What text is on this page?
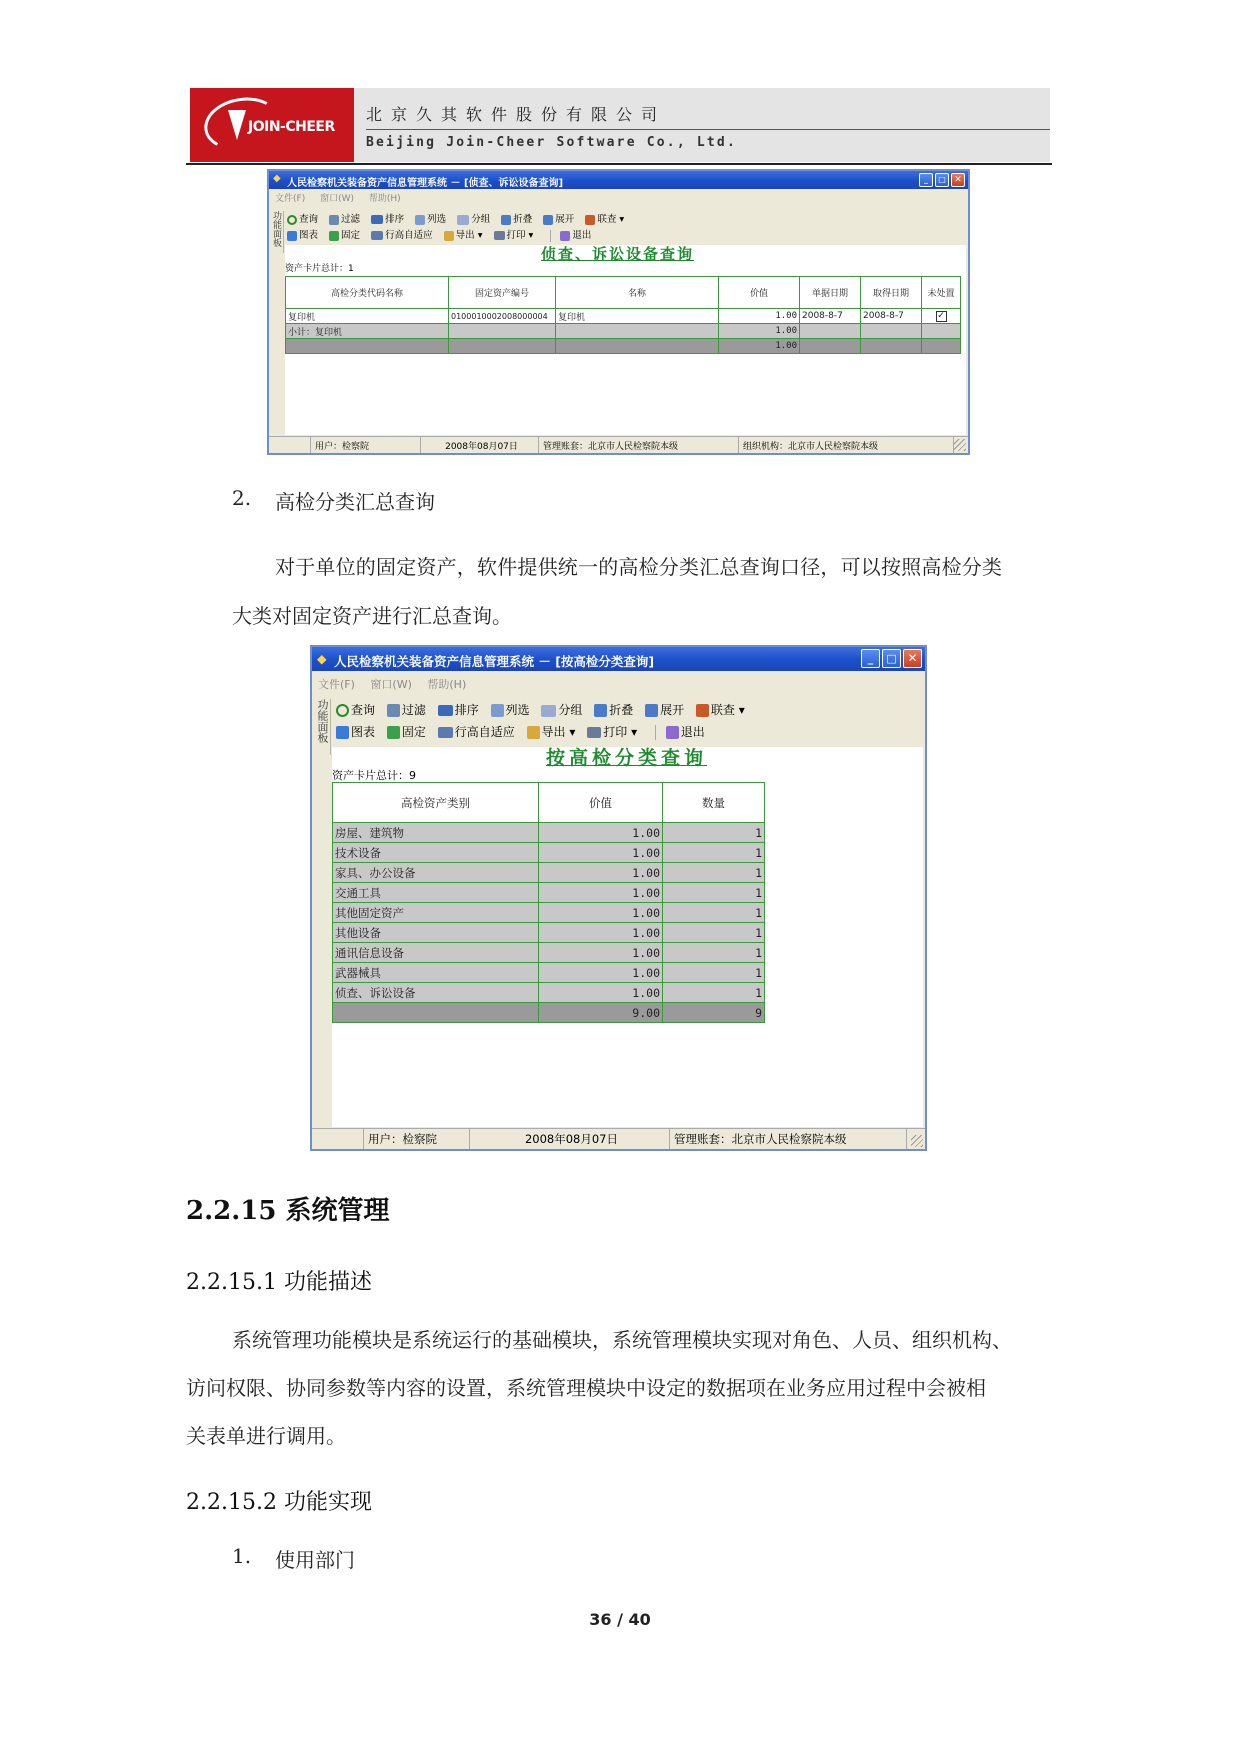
JOIN-CHEER
北京久其软件股份有限公司
Beijing Join-Cheer Software Co., Ltd.
◆ 人民检察机关装备资产信息管理系统 － [侦查、诉讼设备查询]	_	□ ✕
文件(F) 窗口(W) 帮助(H)
功能面板	查询 过滤	排序 列选	分组 折叠 展开 联查 ▾
图表 固定	行高自适应 导出 ▾	打印 ▾	退出
侦查、诉讼设备查询
资产卡片总计：1
高检分类代码名称	固定资产编号	名称	价值	单据日期	取得日期	未处置
复印机	0100010002008000004	复印机	1.00	2008-8-7	2008-8-7	✓
小计：复印机			1.00			
			1.00			
用户：检察院	2008年08月07日	管理账套：北京市人民检察院本级	组织机构：北京市人民检察院本级
2. 高检分类汇总查询
对于单位的固定资产，软件提供统一的高检分类汇总查询口径，可以按照高检分类
大类对固定资产进行汇总查询。
◆ 人民检察机关装备资产信息管理系统 － [按高检分类查询]	_	□ ✕
文件(F) 窗口(W) 帮助(H)
功能面板	查询 过滤 排序 列选 分组 折叠 展开 联查 ▾
图表 固定 行高自适应 导出 ▾ 打印 ▾	退出
按高检分类查询
资产卡片总计：9
高检资产类别	价值	数量
房屋、建筑物	1.00	1
技术设备	1.00	1
家具、办公设备	1.00	1
交通工具	1.00	1
其他固定资产	1.00	1
其他设备	1.00	1
通讯信息设备	1.00	1
武器械具	1.00	1
侦查、诉讼设备	1.00	1
	9.00	9
用户：检察院	2008年08月07日	管理账套：北京市人民检察院本级
2.2.15 系统管理
2.2.15.1 功能描述
系统管理功能模块是系统运行的基础模块，系统管理模块实现对角色、人员、组织机构、
访问权限、协同参数等内容的设置，系统管理模块中设定的数据项在业务应用过程中会被相
关表单进行调用。
2.2.15.2 功能实现
1. 使用部门
36 / 40
